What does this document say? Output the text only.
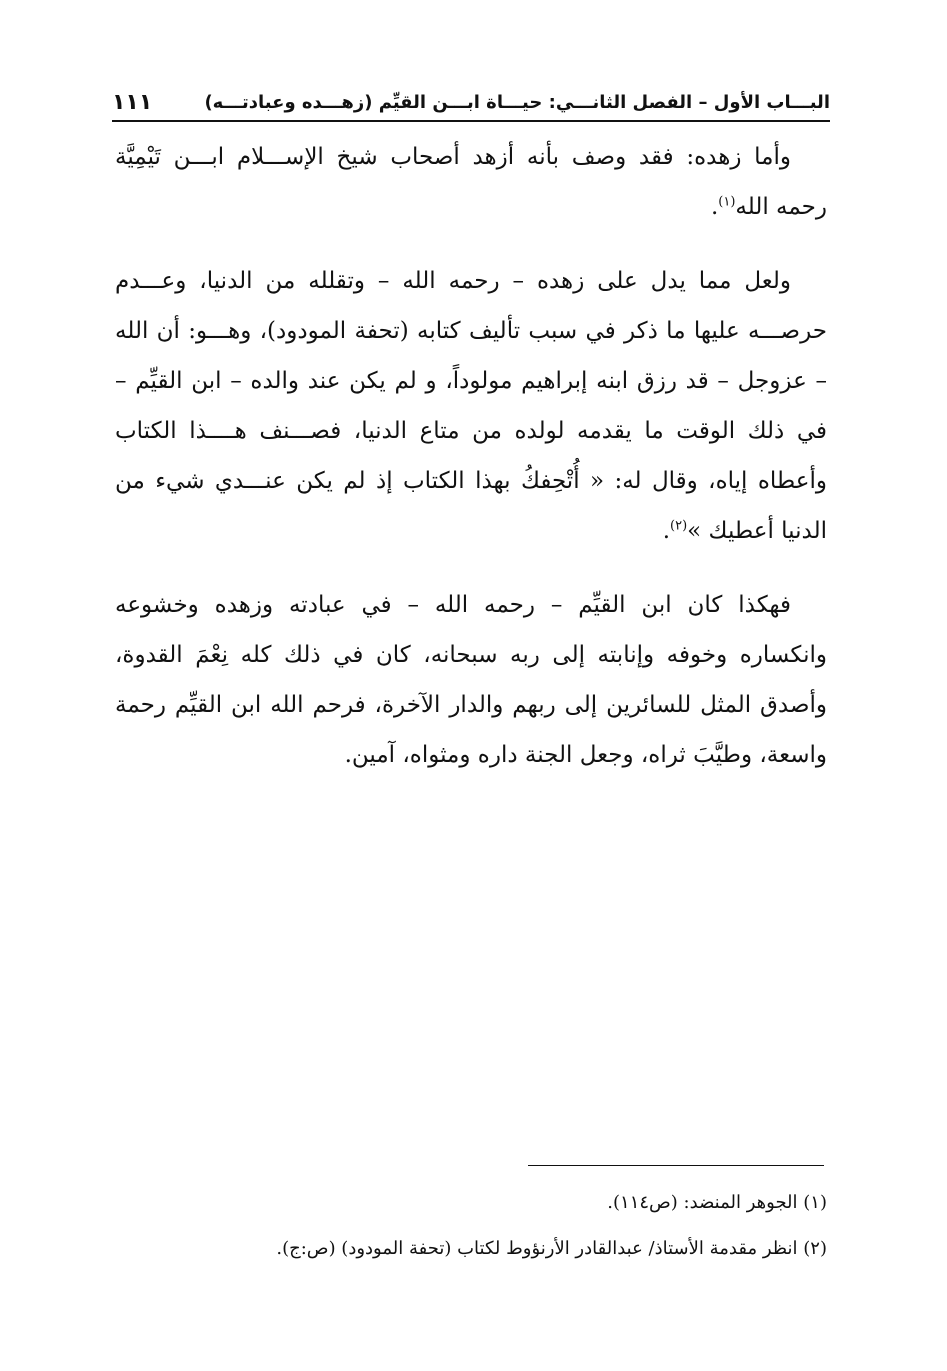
البـــاب الأول – الفصل الثانـــي: حيـــاة ابـــن القيِّم (زهـــده وعبادتـــه)
١١١

وأما زهده: فقد وصف بأنه أزهد أصحاب شيخ الإســـلام ابـــن تَيْمِيَّة رحمه الله$^{(١)}$.

ولعل مما يدل على زهده – رحمه الله – وتقلله من الدنيا، وعـــدم حرصـــه عليها ما ذكر في سبب تأليف كتابه (تحفة المودود)، وهـــو: أن الله – عزوجل – قد رزق ابنه إبراهيم مولوداً، و لم يكن عند والده – ابن القيِّم – في ذلك الوقت ما يقدمه لولده من متاع الدنيا، فصـــنف هــــذا الكتاب وأعطاه إياه، وقال له: « أُتْحِفكُ بهذا الكتاب إذ لم يكن عنـــدي شيء من الدنيا أعطيك »$^{(٢)}$.

فهكذا كان ابن القيِّم – رحمه الله – في عبادته وزهده وخشوعه وانكساره وخوفه وإنابته إلى ربه سبحانه، كان في ذلك كله نِعْمَ القدوة، وأصدق المثل للسائرين إلى ربهم والدار الآخرة، فرحم الله ابن القيِّم رحمة واسعة، وطيَّبَ ثراه، وجعل الجنة داره ومثواه، آمين.

(١) الجوهر المنضد: (ص١١٤).

(٢) انظر مقدمة الأستاذ/ عبدالقادر الأرنؤوط لكتاب (تحفة المودود) (ص:ج).
